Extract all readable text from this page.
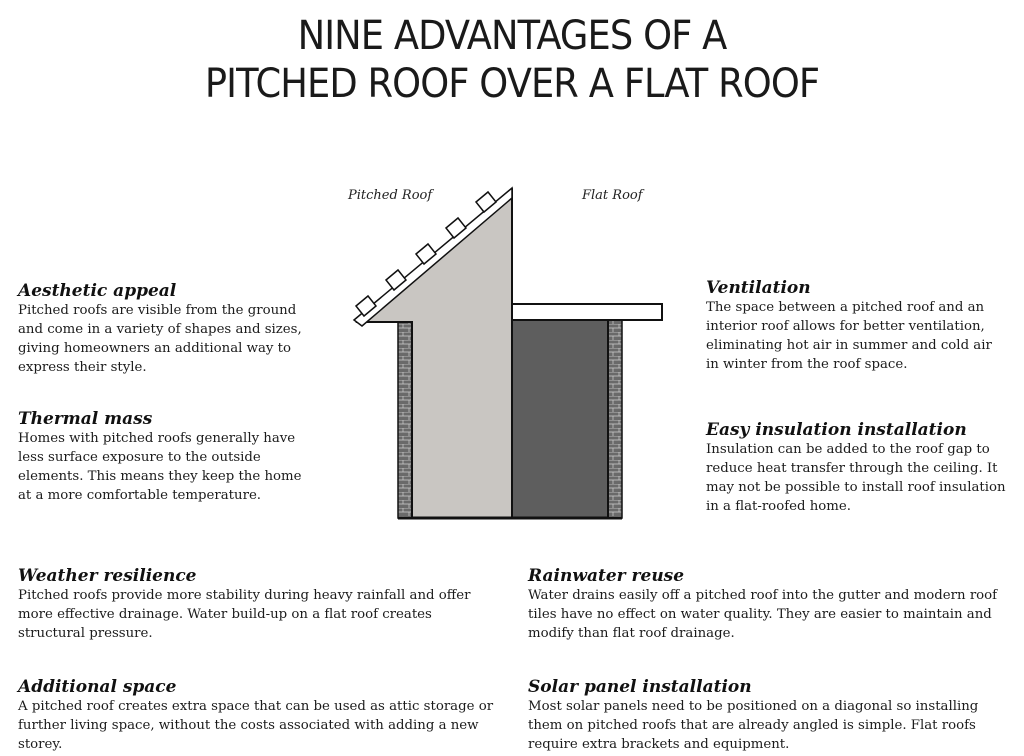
NINE ADVANTAGES OF A
PITCHED ROOF OVER A FLAT ROOF
Pitched Roof	Flat Roof
Aesthetic appeal

Pitched roofs are visible from the ground and come in a variety of shapes and sizes, giving homeowners an additional way to express their style.

Thermal mass

Homes with pitched roofs generally have less surface exposure to the outside elements. This means they keep the home at a more comfortable temperature.

Ventilation

The space between a pitched roof and an interior roof allows for better ventilation, eliminating hot air in summer and cold air in winter from the roof space.

Easy insulation installation

Insulation can be added to the roof gap to reduce heat transfer through the ceiling. It may not be possible to install roof insulation in a flat-roofed home.

Weather resilience

Pitched roofs provide more stability during heavy rainfall and offer more effective drainage. Water build-up on a flat roof creates structural pressure.

Rainwater reuse

Water drains easily off a pitched roof into the gutter and modern roof tiles have no effect on water quality. They are easier to maintain and modify than flat roof drainage.

Additional space

A pitched roof creates extra space that can be used as attic storage or further living space, without the costs associated with adding a new storey.

Solar panel installation

Most solar panels need to be positioned on a diagonal so installing them on pitched roofs that are already angled is simple. Flat roofs require extra brackets and equipment.
